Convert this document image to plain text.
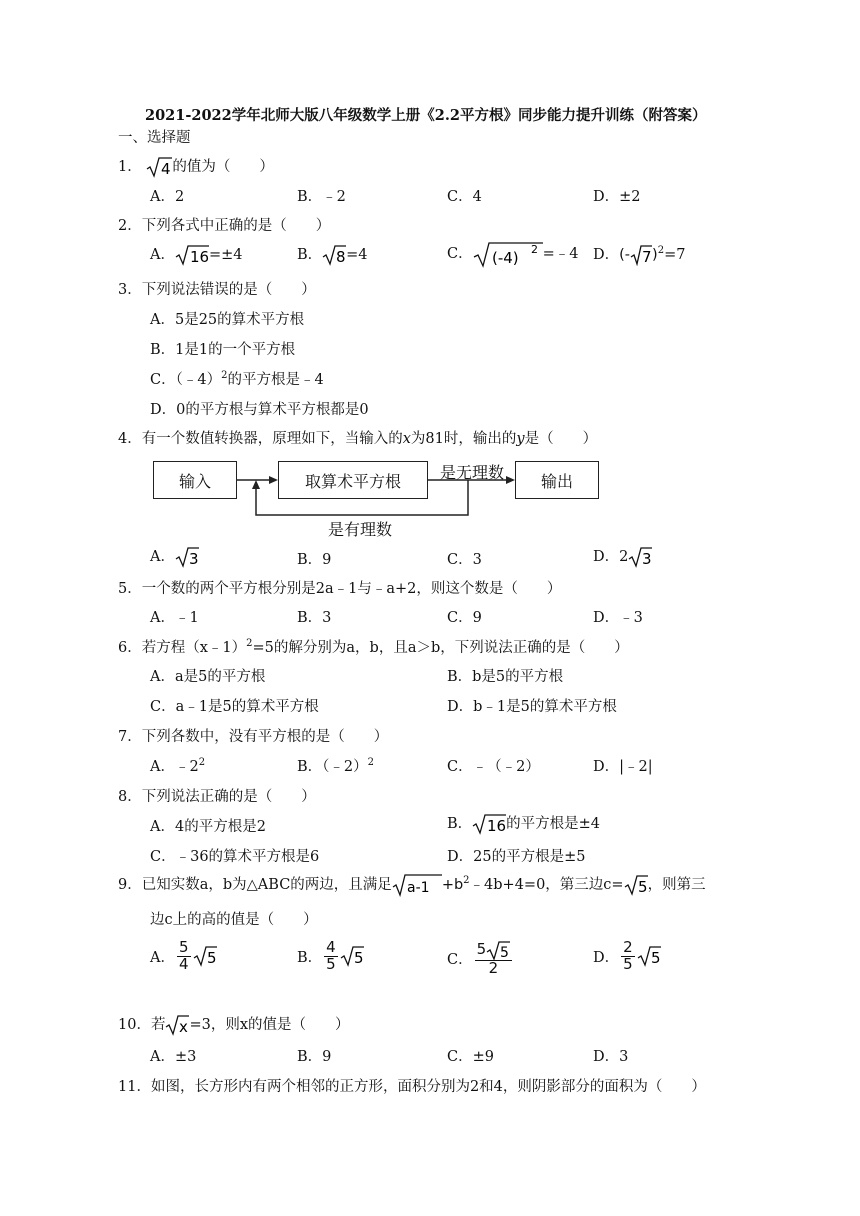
2021-2022学年北师大版八年级数学上册《2.2平方根》同步能力提升训练（附答案）
一、选择题
1． 4 的值为（　　）
A．2	B．﹣2	C．4	D．±2
2．下列各式中正确的是（　　）
A． 16 =±4	B． 8 =4	C． (-4) 2 =﹣4 D．(- 7 )$^2$=7
3．下列说法错误的是（　　）
A．5是25的算术平方根
B．1是1的一个平方根
C．（﹣4）$^2$的平方根是﹣4
D．0的平方根与算术平方根都是0
4．有一个数值转换器，原理如下，当输入的x为81时，输出的y是（　　）
输入	取算术平方根	输出
是无理数
是有理数
A． 3	B．9	C．3	D．2 3
5．一个数的两个平方根分别是2a﹣1与﹣a+2，则这个数是（　　）
A．﹣1	B．3	C．9	D．﹣3
6．若方程（x﹣1）$^2$=5的解分别为a，b，且a＞b，下列说法正确的是（　　）
A．a是5的平方根	B．b是5的平方根
C．a﹣1是5的算术平方根	D．b﹣1是5的算术平方根
7．下列各数中，没有平方根的是（　　）
A．$﹣2^2$	B．（﹣2）$^2$	C．﹣（﹣2）	D．|﹣2|
8．下列说法正确的是（　　）
A．4的平方根是2	B． 16 的平方根是±4
C．﹣36的算术平方根是6	D．25的平方根是±5
9．已知实数a，b为△ABC的两边，且满足 $a-1 +b^2﹣4b+4=0$，第三边c= 5 ，则第三
边c上的高的值是（　　）
A． $\frac{5}{4} 5$	B． $\frac{4}{5} 5$	C． $\frac{5 5}{2}$	D． $\frac{2}{5} 5$
10．若 x =3，则x的值是（　　）
A．±3	B．9	C．±9	D．3
11．如图，长方形内有两个相邻的正方形，面积分别为2和4，则阴影部分的面积为（　　）
